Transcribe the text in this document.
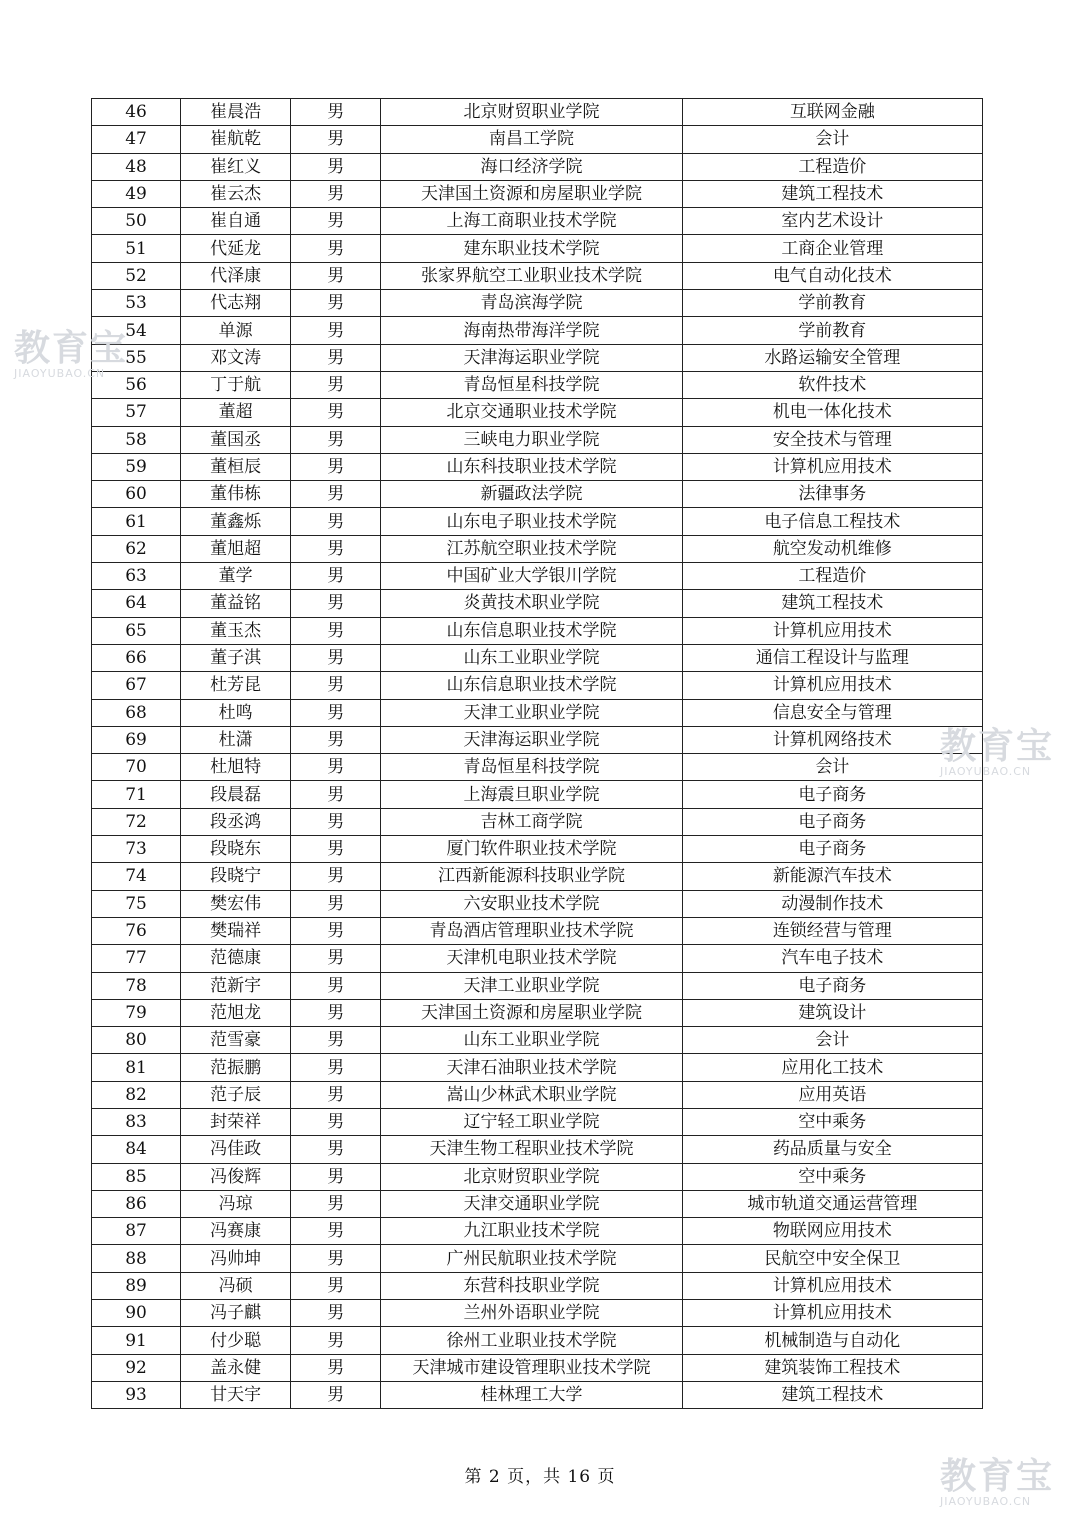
46	崔晨浩	男	北京财贸职业学院	互联网金融
47	崔航乾	男	南昌工学院	会计
48	崔红义	男	海口经济学院	工程造价
49	崔云杰	男	天津国土资源和房屋职业学院	建筑工程技术
50	崔自通	男	上海工商职业技术学院	室内艺术设计
51	代延龙	男	建东职业技术学院	工商企业管理
52	代泽康	男	张家界航空工业职业技术学院	电气自动化技术
53	代志翔	男	青岛滨海学院	学前教育
54	单源	男	海南热带海洋学院	学前教育
55	邓文涛	男	天津海运职业学院	水路运输安全管理
56	丁于航	男	青岛恒星科技学院	软件技术
57	董超	男	北京交通职业技术学院	机电一体化技术
58	董国丞	男	三峡电力职业学院	安全技术与管理
59	董桓辰	男	山东科技职业技术学院	计算机应用技术
60	董伟栋	男	新疆政法学院	法律事务
61	董鑫烁	男	山东电子职业技术学院	电子信息工程技术
62	董旭超	男	江苏航空职业技术学院	航空发动机维修
63	董学	男	中国矿业大学银川学院	工程造价
64	董益铭	男	炎黄技术职业学院	建筑工程技术
65	董玉杰	男	山东信息职业技术学院	计算机应用技术
66	董子淇	男	山东工业职业学院	通信工程设计与监理
67	杜芳昆	男	山东信息职业技术学院	计算机应用技术
68	杜鸣	男	天津工业职业学院	信息安全与管理
69	杜潇	男	天津海运职业学院	计算机网络技术
70	杜旭特	男	青岛恒星科技学院	会计
71	段晨磊	男	上海震旦职业学院	电子商务
72	段丞鸿	男	吉林工商学院	电子商务
73	段晓东	男	厦门软件职业技术学院	电子商务
74	段晓宁	男	江西新能源科技职业学院	新能源汽车技术
75	樊宏伟	男	六安职业技术学院	动漫制作技术
76	樊瑞祥	男	青岛酒店管理职业技术学院	连锁经营与管理
77	范德康	男	天津机电职业技术学院	汽车电子技术
78	范新宇	男	天津工业职业学院	电子商务
79	范旭龙	男	天津国土资源和房屋职业学院	建筑设计
80	范雪豪	男	山东工业职业学院	会计
81	范振鹏	男	天津石油职业技术学院	应用化工技术
82	范子辰	男	嵩山少林武术职业学院	应用英语
83	封荣祥	男	辽宁轻工职业学院	空中乘务
84	冯佳政	男	天津生物工程职业技术学院	药品质量与安全
85	冯俊辉	男	北京财贸职业学院	空中乘务
86	冯琼	男	天津交通职业学院	城市轨道交通运营管理
87	冯赛康	男	九江职业技术学院	物联网应用技术
88	冯帅坤	男	广州民航职业技术学院	民航空中安全保卫
89	冯硕	男	东营科技职业学院	计算机应用技术
90	冯子麒	男	兰州外语职业学院	计算机应用技术
91	付少聪	男	徐州工业职业技术学院	机械制造与自动化
92	盖永健	男	天津城市建设管理职业技术学院	建筑装饰工程技术
93	甘天宇	男	桂林理工大学	建筑工程技术
第 2 页，共 16 页
教育宝
JIAOYUBAO.CN
教育宝
JIAOYUBAO.CN
教育宝
JIAOYUBAO.CN
